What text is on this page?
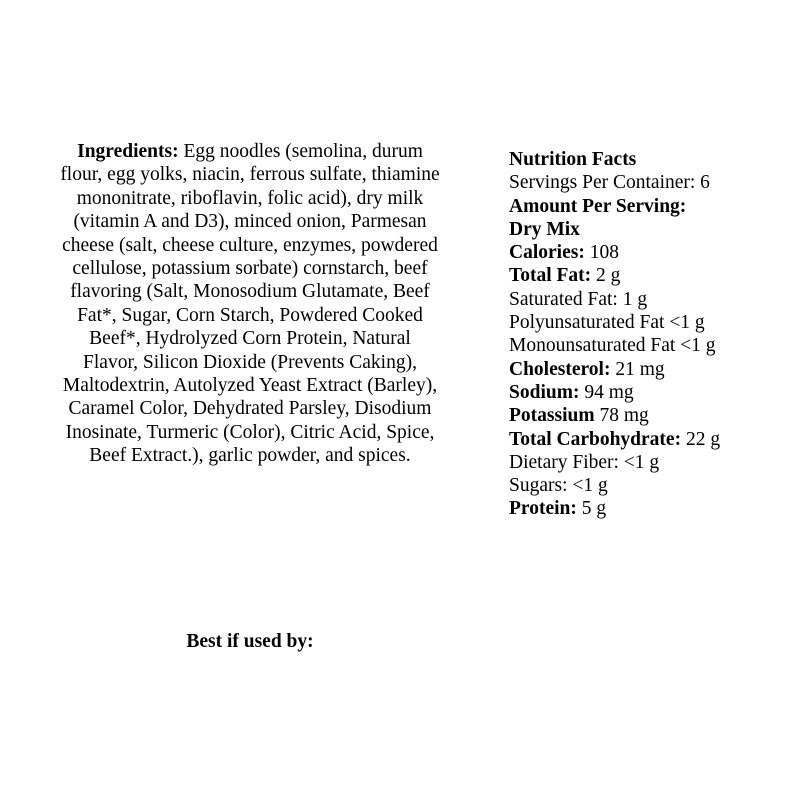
Ingredients: Egg noodles (semolina, durum flour, egg yolks, niacin, ferrous sulfate, thiamine mononitrate, riboflavin, folic acid), dry milk (vitamin A and D3), minced onion, Parmesan cheese (salt, cheese culture, enzymes, powdered cellulose, potassium sorbate) cornstarch, beef flavoring (Salt, Monosodium Glutamate, Beef Fat*, Sugar, Corn Starch, Powdered Cooked Beef*, Hydrolyzed Corn Protein, Natural Flavor, Silicon Dioxide (Prevents Caking), Maltodextrin, Autolyzed Yeast Extract (Barley), Caramel Color, Dehydrated Parsley, Disodium Inosinate, Turmeric (Color), Citric Acid, Spice, Beef Extract.), garlic powder, and spices.
Best if used by:
Nutrition Facts
Servings Per Container: 6
Amount Per Serving:
Dry Mix
Calories: 108
Total Fat: 2 g
Saturated Fat: 1 g
Polyunsaturated Fat <1 g
Monounsaturated Fat <1 g
Cholesterol: 21 mg
Sodium: 94 mg
Potassium 78 mg
Total Carbohydrate: 22 g
Dietary Fiber: <1 g
Sugars: <1 g
Protein: 5 g
